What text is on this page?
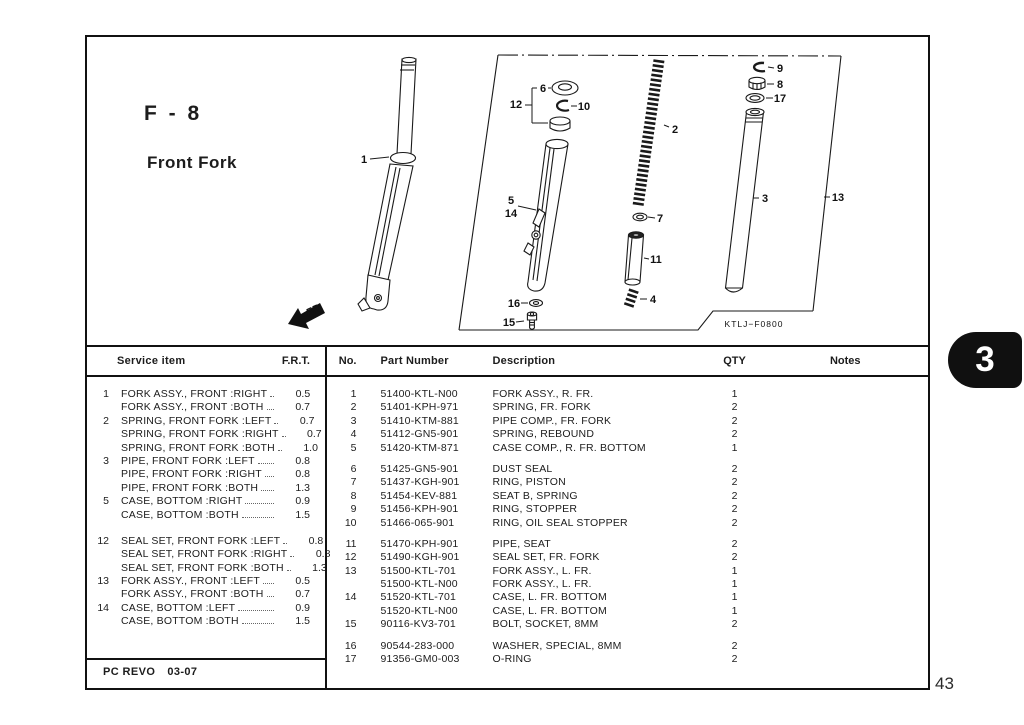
F - 8
Front Fork
KTLJ−F0800
FR.
1
12
6
10
5
14
16
15
2
7
11
4
9
8
17
3	13
Service item	F.R.T.
1 FORK ASSY., FRONT :RIGHT	0.5
FORK ASSY., FRONT :BOTH	0.7
2 SPRING, FRONT FORK :LEFT	0.7
SPRING, FRONT FORK :RIGHT	0.7
SPRING, FRONT FORK :BOTH	1.0
3 PIPE, FRONT FORK :LEFT	0.8
PIPE, FRONT FORK :RIGHT	0.8
PIPE, FRONT FORK :BOTH	1.3
5 CASE, BOTTOM :RIGHT	0.9
CASE, BOTTOM :BOTH	1.5
12 SEAL SET, FRONT FORK :LEFT	0.8
SEAL SET, FRONT FORK :RIGHT	0.8
SEAL SET, FRONT FORK :BOTH	1.3
13 FORK ASSY., FRONT :LEFT	0.5
FORK ASSY., FRONT :BOTH	0.7
14 CASE, BOTTOM :LEFT	0.9
CASE, BOTTOM :BOTH	1.5
No. Part Number	Description	QTY	Notes
1 51400-KTL-N00	FORK ASSY., R. FR.	1
2 51401-KPH-971	SPRING, FR. FORK	2
3 51410-KTM-881	PIPE COMP., FR. FORK	2
4 51412-GN5-901	SPRING, REBOUND	2
5 51420-KTM-871	CASE COMP., R. FR. BOTTOM	1
6 51425-GN5-901	DUST SEAL	2
7 51437-KGH-901	RING, PISTON	2
8 51454-KEV-881	SEAT B, SPRING	2
9 51456-KPH-901	RING, STOPPER	2
10 51466-065-901	RING, OIL SEAL STOPPER	2
11 51470-KPH-901	PIPE, SEAT	2
12 51490-KGH-901	SEAL SET, FR. FORK	2
13 51500-KTL-701	FORK ASSY., L. FR.	1
51500-KTL-N00	FORK ASSY., L. FR.	1
14 51520-KTL-701	CASE, L. FR. BOTTOM	1
51520-KTL-N00	CASE, L. FR. BOTTOM	1
15 90116-KV3-701	BOLT, SOCKET, 8MM	2
16 90544-283-000	WASHER, SPECIAL, 8MM	2
17 91356-GM0-003	O-RING	2
PC REVO 03-07
3
43
